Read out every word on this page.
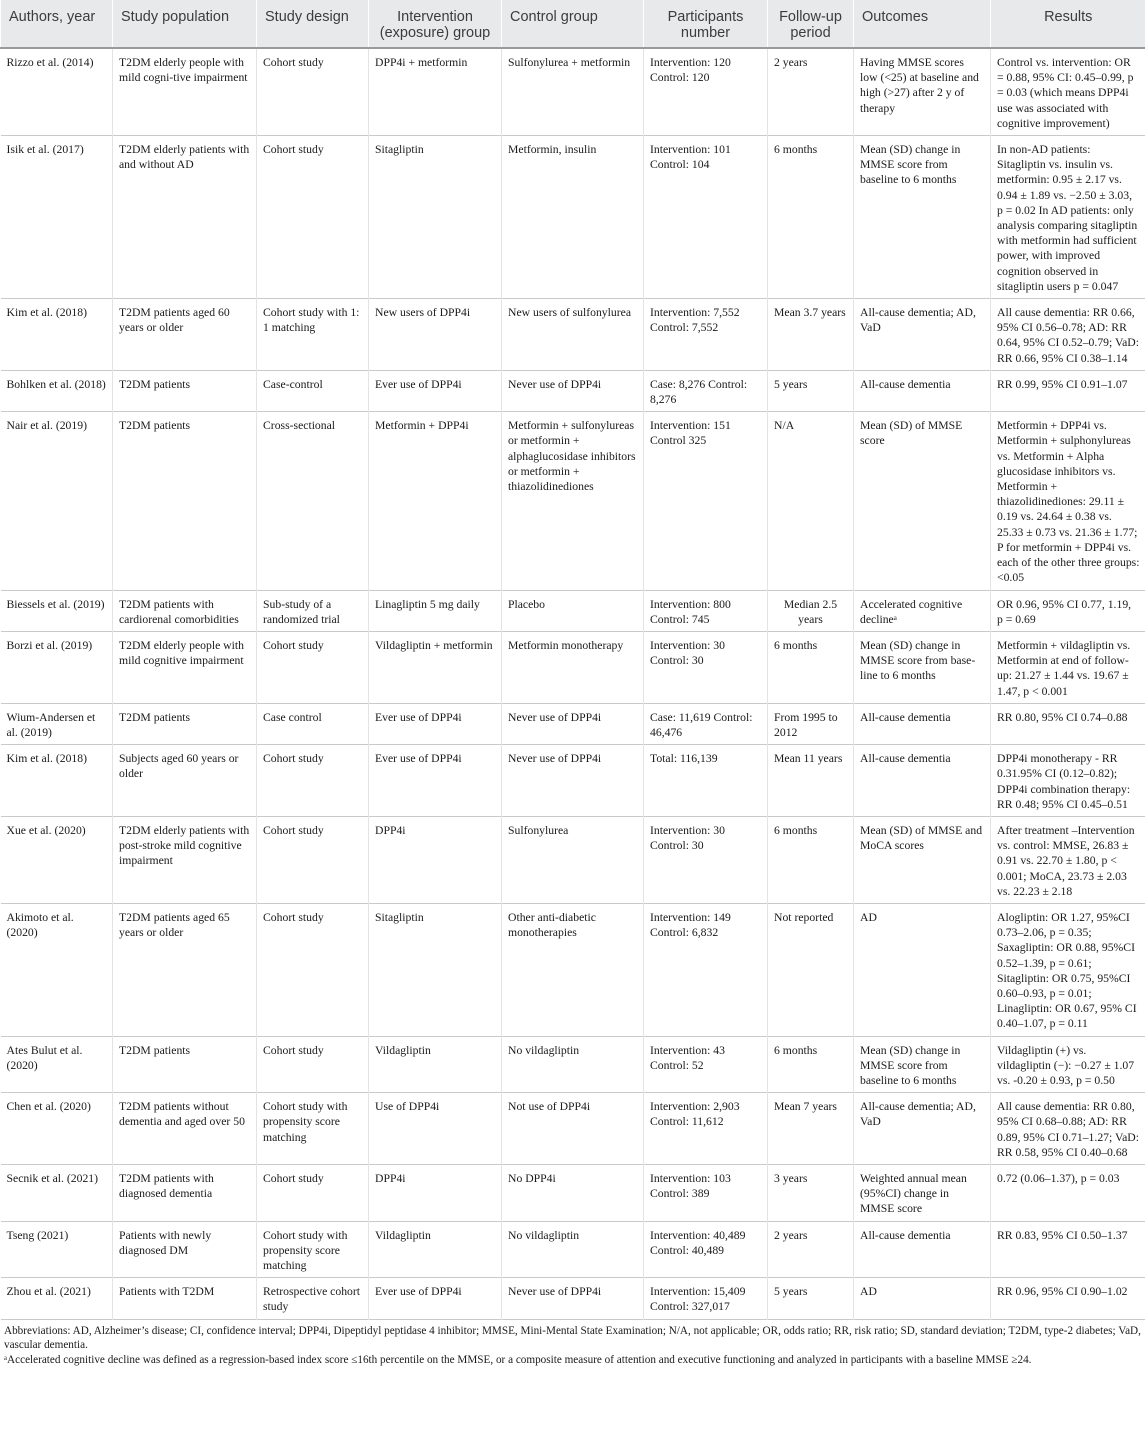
Authors, year	Study population	Study design	Intervention (exposure) group	Control group	Participants number	Follow-up period	Outcomes	Results
Rizzo et al. (2014)	T2DM elderly people with mild cogni-tive impairment	Cohort study	DPP4i + metformin	Sulfonylurea + metformin	Intervention: 120 Control: 120	2 years	Having MMSE scores low (<25) at baseline and high (>27) after 2 y of therapy	Control vs. intervention: OR = 0.88, 95% CI: 0.45–0.99, p = 0.03 (which means DPP4i use was associated with cognitive improvement)
Isik et al. (2017)	T2DM elderly patients with and without AD	Cohort study	Sitagliptin	Metformin, insulin	Intervention: 101 Control: 104	6 months	Mean (SD) change in MMSE score from baseline to 6 months	In non-AD patients: Sitagliptin vs. insulin vs. metformin: 0.95 ± 2.17 vs. 0.94 ± 1.89 vs. −2.50 ± 3.03, p = 0.02 In AD patients: only analysis comparing sitagliptin with metformin had sufficient power, with improved cognition observed in sitagliptin users p = 0.047
Kim et al. (2018)	T2DM patients aged 60 years or older	Cohort study with 1: 1 matching	New users of DPP4i	New users of sulfonylurea	Intervention: 7,552 Control: 7,552	Mean 3.7 years	All-cause dementia; AD, VaD	All cause dementia: RR 0.66, 95% CI 0.56–0.78; AD: RR 0.64, 95% CI 0.52–0.79; VaD: RR 0.66, 95% CI 0.38–1.14
Bohlken et al. (2018)	T2DM patients	Case-control	Ever use of DPP4i	Never use of DPP4i	Case: 8,276 Control: 8,276	5 years	All-cause dementia	RR 0.99, 95% CI 0.91–1.07
Nair et al. (2019)	T2DM patients	Cross-sectional	Metformin + DPP4i	Metformin + sulfonylureas or metformin + alphaglucosidase inhibitors or metformin + thiazolidinediones	Intervention: 151 Control 325	N/A	Mean (SD) of MMSE score	Metformin + DPP4i vs. Metformin + sulphonylureas vs. Metformin + Alpha glucosidase inhibitors vs. Metformin + thiazolidinediones: 29.11 ± 0.19 vs. 24.64 ± 0.38 vs. 25.33 ± 0.73 vs. 21.36 ± 1.77; P for metformin + DPP4i vs. each of the other three groups: <0.05
Biessels et al. (2019)	T2DM patients with cardiorenal comorbidities	Sub-study of a randomized trial	Linagliptin 5 mg daily	Placebo	Intervention: 800 Control: 745	Median 2.5 years	Accelerated cognitive declineᵃ	OR 0.96, 95% CI 0.77, 1.19, p = 0.69
Borzi et al. (2019)	T2DM elderly people with mild cognitive impairment	Cohort study	Vildagliptin + metformin	Metformin monotherapy	Intervention: 30 Control: 30	6 months	Mean (SD) change in MMSE score from base-line to 6 months	Metformin + vildagliptin vs. Metformin at end of follow-up: 21.27 ± 1.44 vs. 19.67 ± 1.47, p < 0.001
Wium-Andersen et al. (2019)	T2DM patients	Case control	Ever use of DPP4i	Never use of DPP4i	Case: 11,619 Control: 46,476	From 1995 to 2012	All-cause dementia	RR 0.80, 95% CI 0.74–0.88
Kim et al. (2018)	Subjects aged 60 years or older	Cohort study	Ever use of DPP4i	Never use of DPP4i	Total: 116,139	Mean 11 years	All-cause dementia	DPP4i monotherapy - RR 0.31.95% CI (0.12–0.82); DPP4i combination therapy: RR 0.48; 95% CI 0.45–0.51
Xue et al. (2020)	T2DM elderly patients with post-stroke mild cognitive impairment	Cohort study	DPP4i	Sulfonylurea	Intervention: 30 Control: 30	6 months	Mean (SD) of MMSE and MoCA scores	After treatment –Intervention vs. control: MMSE, 26.83 ± 0.91 vs. 22.70 ± 1.80, p < 0.001; MoCA, 23.73 ± 2.03 vs. 22.23 ± 2.18
Akimoto et al. (2020)	T2DM patients aged 65 years or older	Cohort study	Sitagliptin	Other anti-diabetic monotherapies	Intervention: 149 Control: 6,832	Not reported	AD	Alogliptin: OR 1.27, 95%CI 0.73–2.06, p = 0.35; Saxagliptin: OR 0.88, 95%CI 0.52–1.39, p = 0.61; Sitagliptin: OR 0.75, 95%CI 0.60–0.93, p = 0.01; Linagliptin: OR 0.67, 95% CI 0.40–1.07, p = 0.11
Ates Bulut et al. (2020)	T2DM patients	Cohort study	Vildagliptin	No vildagliptin	Intervention: 43 Control: 52	6 months	Mean (SD) change in MMSE score from baseline to 6 months	Vildagliptin (+) vs. vildagliptin (−): −0.27 ± 1.07 vs. -0.20 ± 0.93, p = 0.50
Chen et al. (2020)	T2DM patients without dementia and aged over 50	Cohort study with propensity score matching	Use of DPP4i	Not use of DPP4i	Intervention: 2,903 Control: 11,612	Mean 7 years	All-cause dementia; AD, VaD	All cause dementia: RR 0.80, 95% CI 0.68–0.88; AD: RR 0.89, 95% CI 0.71–1.27; VaD: RR 0.58, 95% CI 0.40–0.68
Secnik et al. (2021)	T2DM patients with diagnosed dementia	Cohort study	DPP4i	No DPP4i	Intervention: 103 Control: 389	3 years	Weighted annual mean (95%CI) change in MMSE score	0.72 (0.06–1.37), p = 0.03
Tseng (2021)	Patients with newly diagnosed DM	Cohort study with propensity score matching	Vildagliptin	No vildagliptin	Intervention: 40,489 Control: 40,489	2 years	All-cause dementia	RR 0.83, 95% CI 0.50–1.37
Zhou et al. (2021)	Patients with T2DM	Retrospective cohort study	Ever use of DPP4i	Never use of DPP4i	Intervention: 15,409 Control: 327,017	5 years	AD	RR 0.96, 95% CI 0.90–1.02

Abbreviations: AD, Alzheimer’s disease; CI, confidence interval; DPP4i, Dipeptidyl peptidase 4 inhibitor; MMSE, Mini-Mental State Examination; N/A, not applicable; OR, odds ratio; RR, risk ratio; SD, standard deviation; T2DM, type-2 diabetes; VaD, vascular dementia.

ᵃAccelerated cognitive decline was defined as a regression-based index score ≤16th percentile on the MMSE, or a composite measure of attention and executive functioning and analyzed in participants with a baseline MMSE ≥24.
